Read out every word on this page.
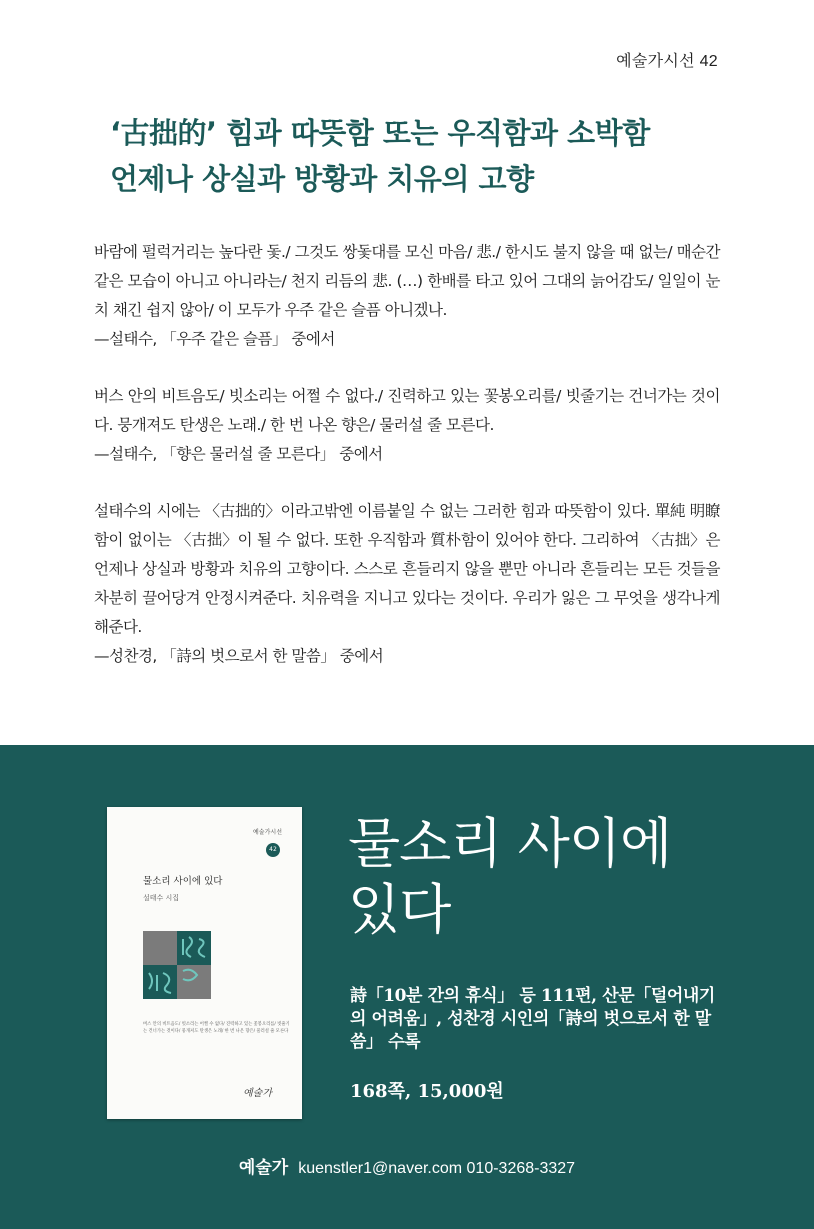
예술가시선 42
‘古拙的’ 힘과 따뜻함 또는 우직함과 소박함
언제나 상실과 방황과 치유의 고향

바람에 펄럭거리는 높다란 돛./ 그것도 쌍돛대를 모신 마음/ 悲./ 한시도 불지 않을 때 없는/ 매순간 같은 모습이 아니고 아니라는/ 천지 리듬의 悲. (…) 한배를 타고 있어 그대의 늙어감도/ 일일이 눈치 채긴 쉽지 않아/ 이 모두가 우주 같은 슬픔 아니겠나.

—설태수, 「우주 같은 슬픔」 중에서

버스 안의 비트음도/ 빗소리는 어쩔 수 없다./ 진력하고 있는 꽃봉오리를/ 빗줄기는 건너가는 것이다. 뭉개져도 탄생은 노래./ 한 번 나온 향은/ 물러설 줄 모른다.

—설태수, 「향은 물러설 줄 모른다」 중에서

설태수의 시에는 〈古拙的〉이라고밖엔 이름붙일 수 없는 그러한 힘과 따뜻함이 있다. 單純 明瞭함이 없이는 〈古拙〉이 될 수 없다. 또한 우직함과 質朴함이 있어야 한다. 그리하여 〈古拙〉은 언제나 상실과 방황과 치유의 고향이다. 스스로 흔들리지 않을 뿐만 아니라 흔들리는 모든 것들을 차분히 끌어당겨 안정시켜준다. 치유력을 지니고 있다는 것이다. 우리가 잃은 그 무엇을 생각나게 해준다.

—성찬경, 「詩의 벗으로서 한 말씀」 중에서

예술가시선
42
물소리 사이에 있다
설태수 시집
버스 안의 비트음도/ 빗소리는 어쩔 수 없다/ 진력하고 있는 꽃봉오리를/ 빗줄기는 건너가는 것이다/ 뭉개져도 탄생은 노래/ 한 번 나온 향은/ 물러설 줄 모른다
예술가
물소리 사이에
있다
詩「10분 간의 휴식」 등 111편, 산문「덜어내기의 어려움」, 성찬경 시인의「詩의 벗으로서 한 말씀」 수록
168쪽, 15,000원
예술가 kuenstler1@naver.com 010-3268-3327
